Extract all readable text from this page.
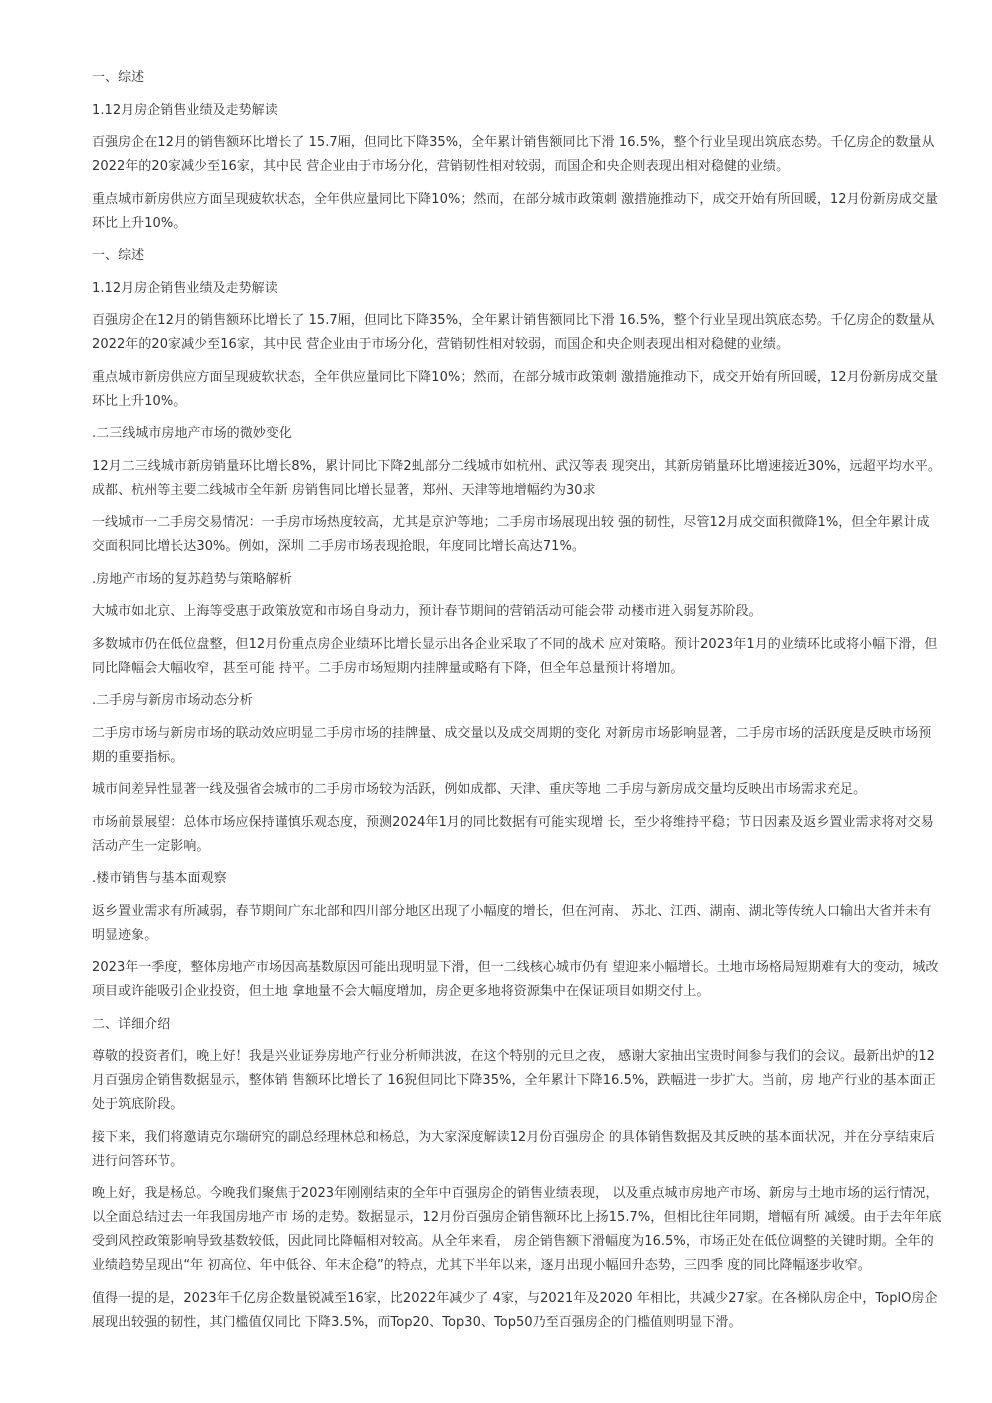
一、综述

1.12月房企销售业绩及走势解读

百强房企在12月的销售额环比增长了 15.7厢，但同比下降35%，全年累计销售额同比下滑 16.5%，整个行业呈现出筑底态势。千亿房企的数量从2022年的20家减少至16家，其中民 营企业由于市场分化，营销韧性相对较弱，而国企和央企则表现出相对稳健的业绩。

重点城市新房供应方面呈现疲软状态，全年供应量同比下降10%；然而，在部分城市政策刺 激措施推动下，成交开始有所回暖，12月份新房成交量环比上升10%。

一、综述

1.12月房企销售业绩及走势解读

百强房企在12月的销售额环比增长了 15.7厢，但同比下降35%，全年累计销售额同比下滑 16.5%，整个行业呈现出筑底态势。千亿房企的数量从2022年的20家减少至16家，其中民 营企业由于市场分化，营销韧性相对较弱，而国企和央企则表现出相对稳健的业绩。

重点城市新房供应方面呈现疲软状态，全年供应量同比下降10%；然而，在部分城市政策刺 激措施推动下，成交开始有所回暖，12月份新房成交量环比上升10%。

.二三线城市房地产市场的微妙变化

12月二三线城市新房销量环比增长8%，累计同比下降2虬部分二线城市如杭州、武汉等表 现突出，其新房销量环比增速接近30%，远超平均水平。成都、杭州等主要二线城市全年新 房销售同比增长显著，郑州、天津等地增幅约为30求

一线城市一二手房交易情况：一手房市场热度较高，尤其是京沪等地；二手房市场展现出较 强的韧性，尽管12月成交面积微降1%，但全年累计成交面积同比增长达30%。例如，深圳 二手房市场表现抢眼，年度同比增长高达71%。

.房地产市场的复苏趋势与策略解析

大城市如北京、上海等受惠于政策放宽和市场自身动力，预计春节期间的营销活动可能会带 动楼市进入弱复苏阶段。

多数城市仍在低位盘整，但12月份重点房企业绩环比增长显示出各企业采取了不同的战术 应对策略。预计2023年1月的业绩环比或将小幅下滑，但同比降幅会大幅收窄，甚至可能 持平。二手房市场短期内挂牌量或略有下降，但全年总量预计将增加。

.二手房与新房市场动态分析

二手房市场与新房市场的联动效应明显二手房市场的挂牌量、成交量以及成交周期的变化 对新房市场影响显著，二手房市场的活跃度是反映市场预期的重要指标。

城市间差异性显著一线及强省会城市的二手房市场较为活跃，例如成都、天津、重庆等地 二手房与新房成交量均反映出市场需求充足。

市场前景展望：总体市场应保持谨慎乐观态度，预测2024年1月的同比数据有可能实现增 长，至少将维持平稳；节日因素及返乡置业需求将对交易活动产生一定影响。

.楼市销售与基本面观察

返乡置业需求有所减弱，春节期间广东北部和四川部分地区出现了小幅度的增长，但在河南、 苏北、江西、湖南、湖北等传统人口输出大省并未有明显迹象。

2023年一季度，整体房地产市场因高基数原因可能出现明显下滑，但一二线核心城市仍有 望迎来小幅增长。土地市场格局短期难有大的变动，城改项目或许能吸引企业投资，但土地 拿地量不会大幅度增加，房企更多地将资源集中在保证项目如期交付上。

二、详细介绍

尊敬的投资者们，晚上好！我是兴业证券房地产行业分析师洪波，在这个特别的元旦之夜， 感谢大家抽出宝贵时间参与我们的会议。最新出炉的12月百强房企销售数据显示，整体销 售额环比增长了 16猊但同比下降35%，全年累计下降16.5%，跌幅进一步扩大。当前，房 地产行业的基本面正处于筑底阶段。

接下来，我们将邀请克尔瑞研究的副总经理林总和杨总，为大家深度解读12月份百强房企 的具体销售数据及其反映的基本面状况，并在分享结束后进行问答环节。

晚上好，我是杨总。今晚我们聚焦于2023年刚刚结束的全年中百强房企的销售业绩表现， 以及重点城市房地产市场、新房与土地市场的运行情况，以全面总结过去一年我国房地产市 场的走势。数据显示，12月份百强房企销售额环比上扬15.7%，但相比往年同期，增幅有所 减缓。由于去年年底受到风控政策影响导致基数较低，因此同比降幅相对较高。从全年来看， 房企销售额下滑幅度为16.5%，市场正处在低位调整的关键时期。全年的业绩趋势呈现出“年 初高位、年中低谷、年末企稳”的特点，尤其下半年以来，逐月出现小幅回升态势，三四季 度的同比降幅逐步收窄。

值得一提的是，2023年千亿房企数量锐减至16家，比2022年减少了 4家，与2021年及2020 年相比，共减少27家。在各梯队房企中，ToplO房企展现出较强的韧性，其门槛值仅同比 下降3.5%，而Top20、Top30、Top50乃至百强房企的门槛值则明显下滑。
